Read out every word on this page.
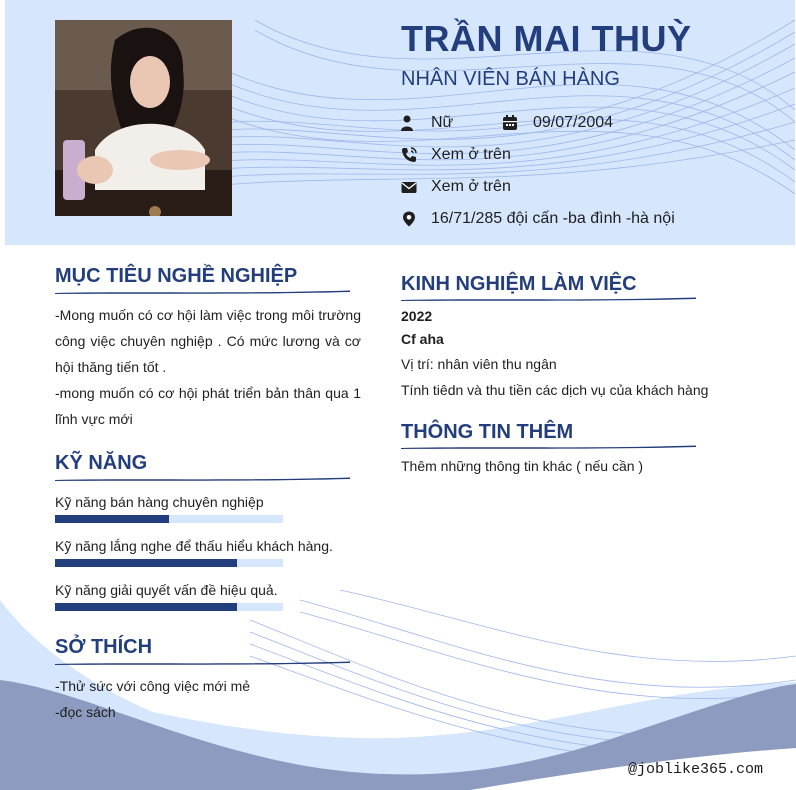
TRẦN MAI THUỲ
NHÂN VIÊN BÁN HÀNG
Nữ	09/07/2004
Xem ở trên
Xem ở trên
16/71/285 đội cấn -ba đình -hà nội
MỤC TIÊU NGHỀ NGHIỆP
-Mong muốn có cơ hội làm việc trong môi trường công việc chuyên nghiệp . Có mức lương và cơ hội thăng tiến tốt .
-mong muốn có cơ hội phát triển bản thân qua 1 lĩnh vực mới
KỸ NĂNG
Kỹ năng bán hàng chuyên nghiệp
Kỹ năng lắng nghe để thấu hiểu khách hàng.
Kỹ năng giải quyết vấn đề hiệu quả.
SỞ THÍCH
-Thử sức với công việc mới mẻ
-đọc sách
KINH NGHIỆM LÀM VIỆC
2022
Cf aha
Vị trí: nhân viên thu ngân
Tính tiêdn và thu tiền các dịch vụ của khách hàng
THÔNG TIN THÊM
Thêm những thông tin khác ( nếu cần )
@joblike365.com
